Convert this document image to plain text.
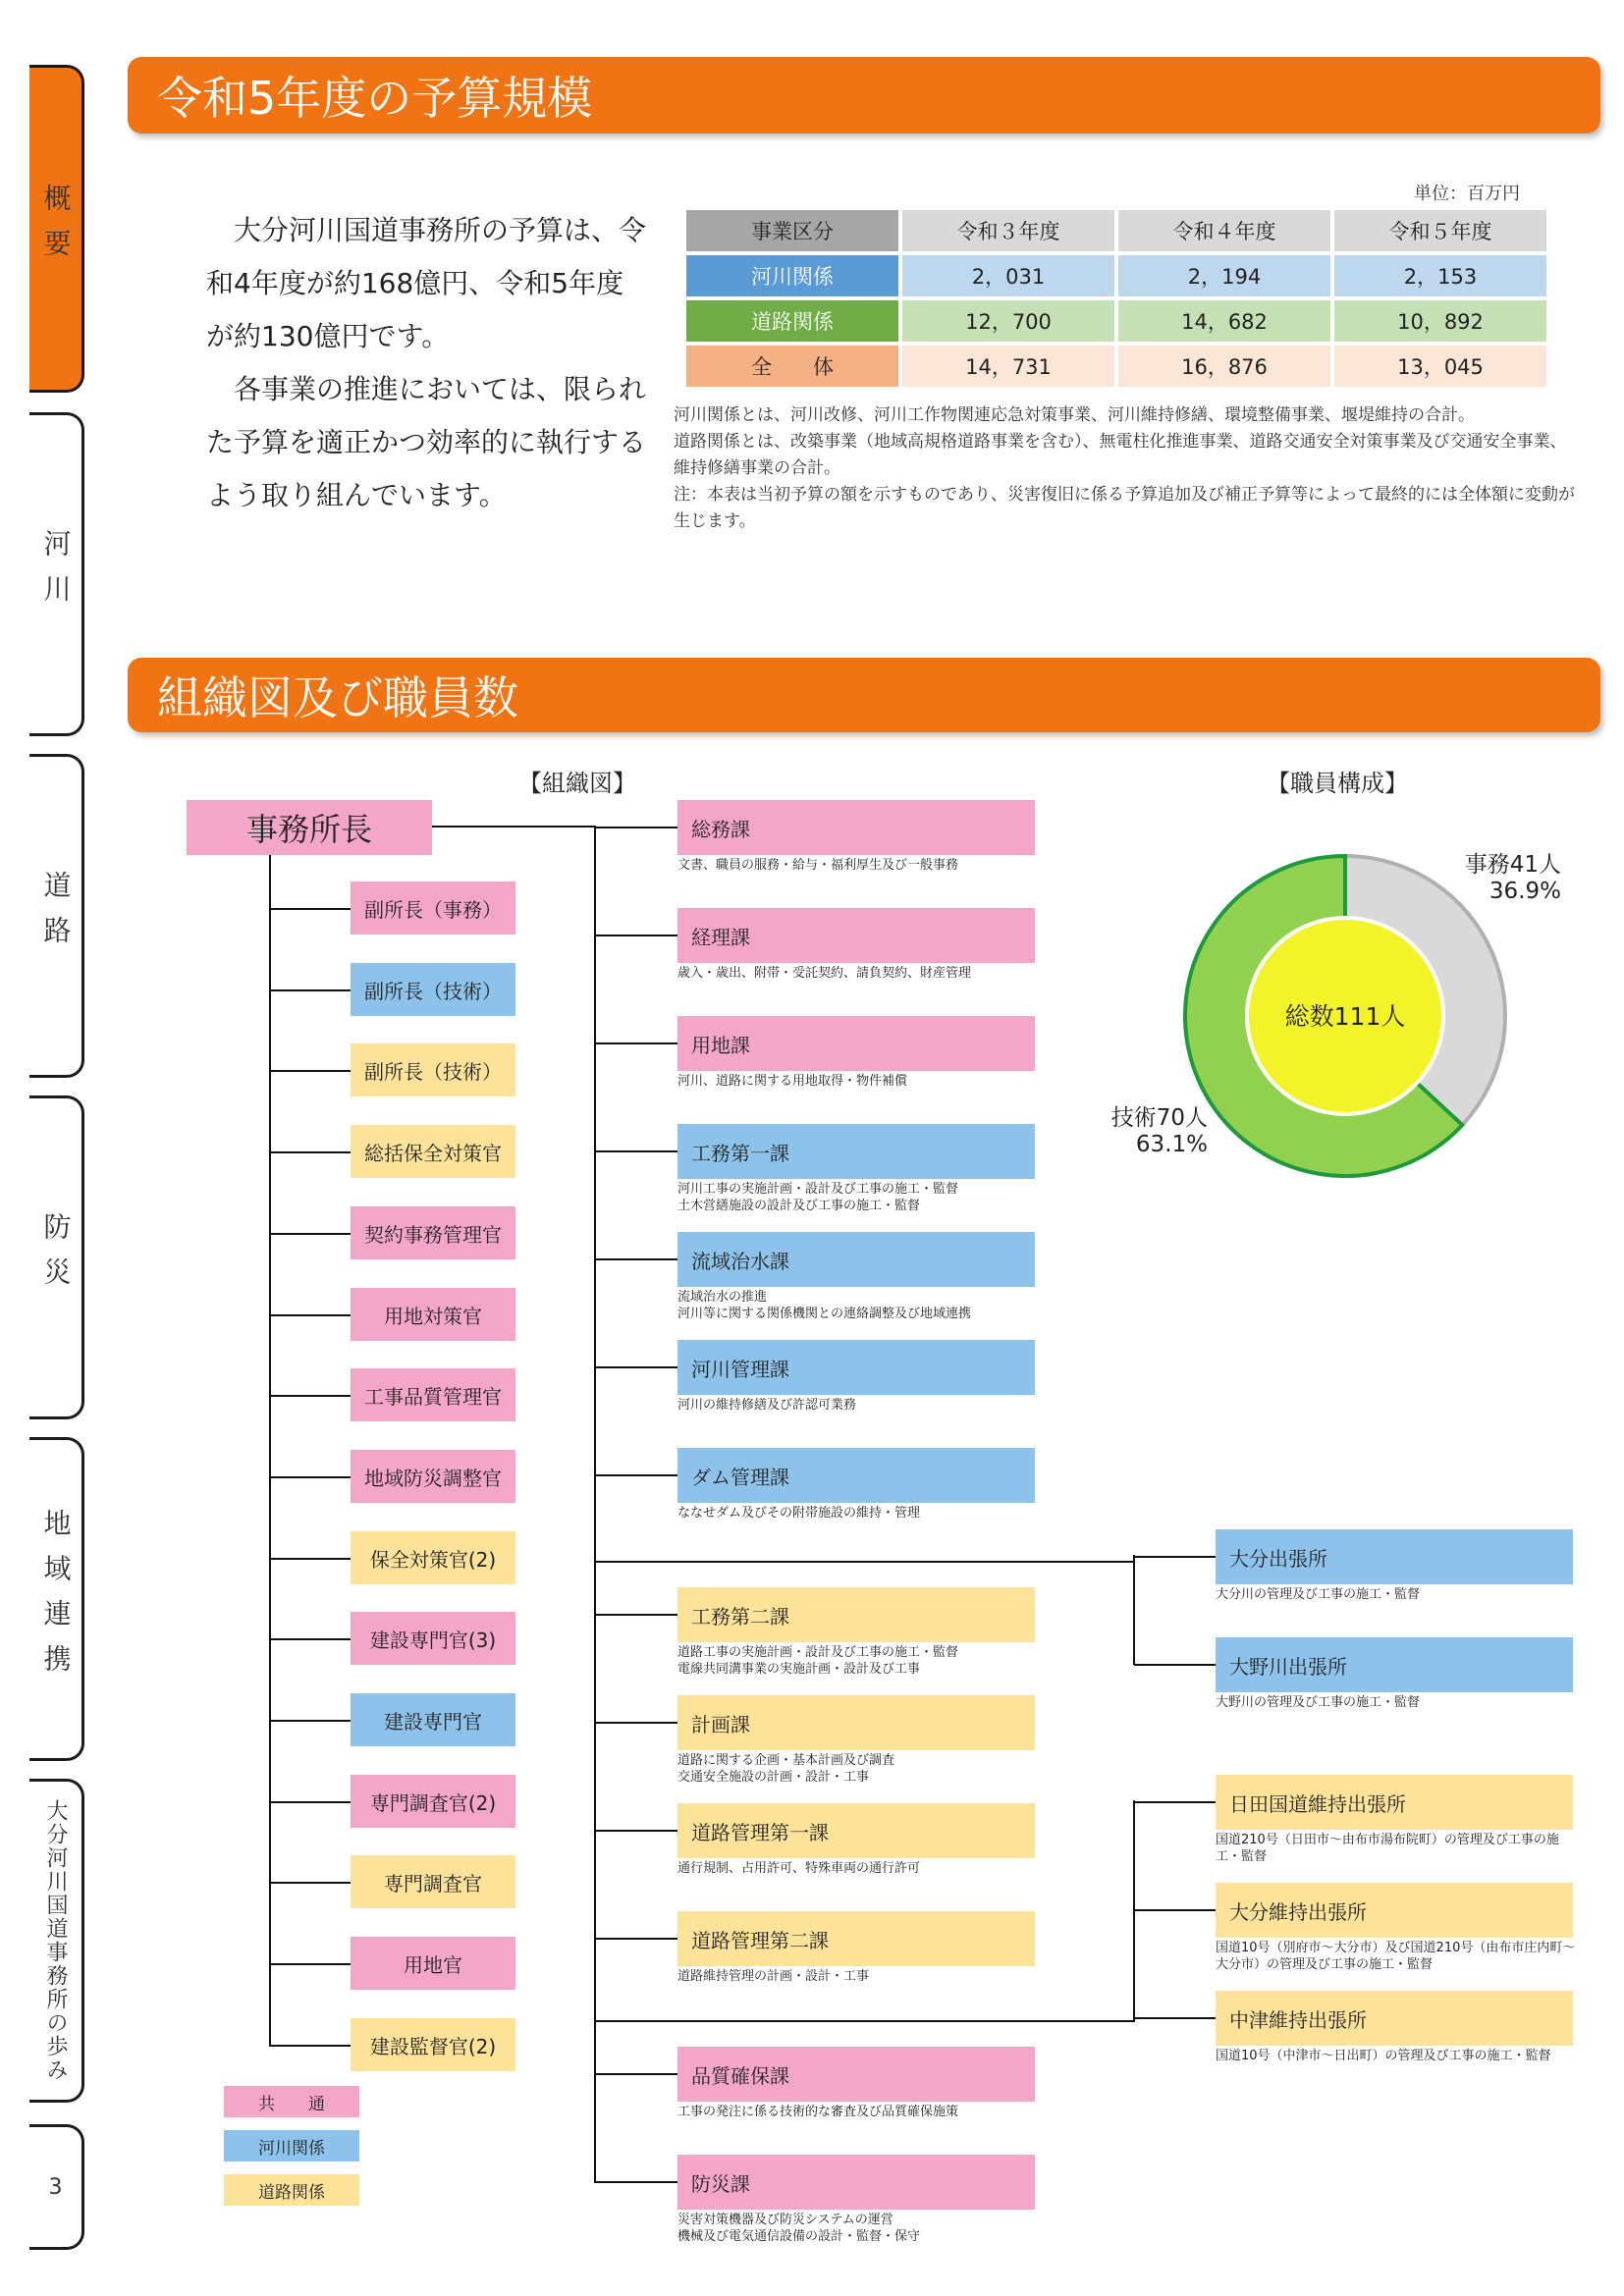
概要
河川
道路
防災
地域連携
大分河川国道事務所の歩み
3
令和5年度の予算規模

大分河川国道事務所の予算は、令和4年度が約168億円、令和5年度が約130億円です。

各事業の推進においては、限られた予算を適正かつ効率的に執行するよう取り組んでいます。

単位：百万円
事業区分	令和３年度	令和４年度	令和５年度
河川関係	2，031	2，194	2，153
道路関係	12，700	14，682	10，892
全　　体	14，731	16，876	13，045
河川関係とは、河川改修、河川工作物関連応急対策事業、河川維持修繕、環境整備事業、堰堤維持の合計。
道路関係とは、改築事業（地域高規格道路事業を含む）、無電柱化推進事業、道路交通安全対策事業及び交通安全事業、維持修繕事業の合計。
注：本表は当初予算の額を示すものであり、災害復旧に係る予算追加及び補正予算等によって最終的には全体額に変動が生じます。
組織図及び職員数
【組織図】	【職員構成】
事務所長
副所長（事務）
副所長（技術）
副所長（技術）
総括保全対策官
契約事務管理官
用地対策官
工事品質管理官
地域防災調整官
保全対策官(2)
建設専門官(3)
建設専門官
専門調査官(2)
専門調査官
用地官
建設監督官(2)
総務課
文書、職員の服務・給与・福利厚生及び一般事務
経理課
歳入・歳出、附帯・受託契約、請負契約、財産管理
用地課
河川、道路に関する用地取得・物件補償
工務第一課
河川工事の実施計画・設計及び工事の施工・監督
土木営繕施設の設計及び工事の施工・監督
流域治水課
流域治水の推進
河川等に関する関係機関との連絡調整及び地域連携
河川管理課
河川の維持修繕及び許認可業務
ダム管理課
ななせダム及びその附帯施設の維持・管理
工務第二課
道路工事の実施計画・設計及び工事の施工・監督
電線共同溝事業の実施計画・設計及び工事
計画課
道路に関する企画・基本計画及び調査
交通安全施設の計画・設計・工事
道路管理第一課
通行規制、占用許可、特殊車両の通行許可
道路管理第二課
道路維持管理の計画・設計・工事
品質確保課
工事の発注に係る技術的な審査及び品質確保施策
防災課
災害対策機器及び防災システムの運営
機械及び電気通信設備の設計・監督・保守
大分出張所
大分川の管理及び工事の施工・監督
大野川出張所
大野川の管理及び工事の施工・監督
日田国道維持出張所
国道210号（日田市～由布市湯布院町）の管理及び工事の施工・監督
大分維持出張所
国道10号（別府市～大分市）及び国道210号（由布市庄内町～大分市）の管理及び工事の施工・監督
中津維持出張所
国道10号（中津市～日出町）の管理及び工事の施工・監督
共　　通
河川関係
道路関係
総数111人
事務41人
36.9%
技術70人
63.1%
